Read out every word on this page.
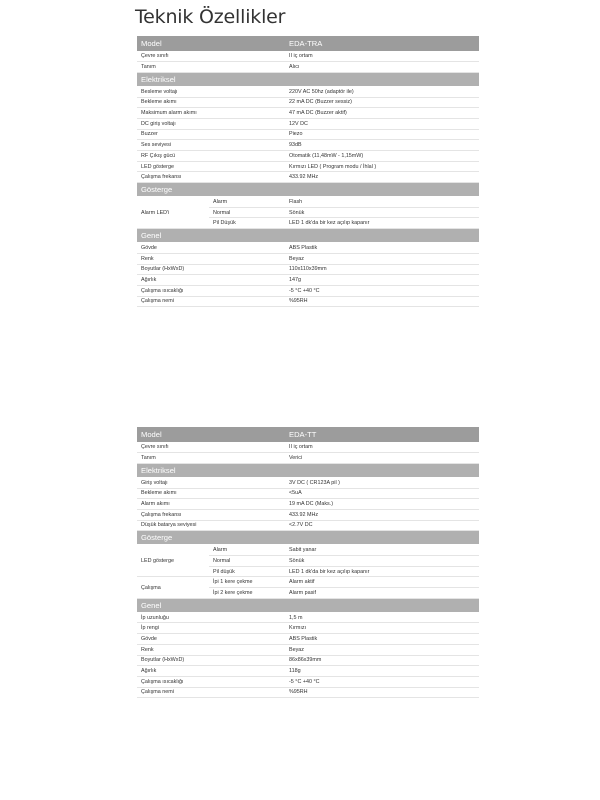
Teknik Özellikler
Model		EDA-TRA
Çevre sınıfı		II iç ortam
Tanım		Alıcı
Elektriksel		
Besleme voltajı		220V AC 50hz (adaptör ile)
Bekleme akımı		22 mA DC (Buzzer sessiz)
Maksimum alarm akımı		47 mA DC (Buzzer aktif)
DC giriş voltajı		12V DC
Buzzer		Piezo
Ses seviyesi		93dB
RF Çıkış gücü		Otomatik (11,48mW - 1,15mW)
LED gösterge		Kırmızı LED ( Program modu / İhlal )
Çalışma frekansı		433.92 MHz
Gösterge		
Alarm LED'i	Alarm	Flash
	Normal	Sönük
	Pil Düşük	LED 1 dk'da bir kez açılıp kapanır
Genel		
Gövde		ABS Plastik
Renk		Beyaz
Boyutlar (HxWxD)		110x110x39mm
Ağırlık		147g
Çalışma ısıcaklığı		-5 °C +40 °C
Çalışma nemi		%95RH
Model		EDA-TT
Çevre sınıfı		II iç ortam
Tanım		Verici
Elektriksel		
Giriş voltajı		3V DC ( CR123A pil )
Bekleme akımı		<5uA
Alarm akımı		19 mA DC (Maks.)
Çalışma frekansı		433.92 MHz
Düşük batarya seviyesi		<2.7V DC
Gösterge		
LED gösterge	Alarm	Sabit yanar
	Normal	Sönük
	Pil düşük	LED 1 dk'da bir kez açılıp kapanır
Çalışma	İpi 1 kere çekme	Alarm aktif
	İpi 2 kere çekme	Alarm pasif
Genel		
İp uzunluğu		1,5 m
İp rengi		Kırmızı
Gövde		ABS Plastik
Renk		Beyaz
Boyutlar (HxWxD)		86x86x39mm
Ağırlık		118g
Çalışma ısıcaklığı		-5 °C +40 °C
Çalışma nemi		%95RH
